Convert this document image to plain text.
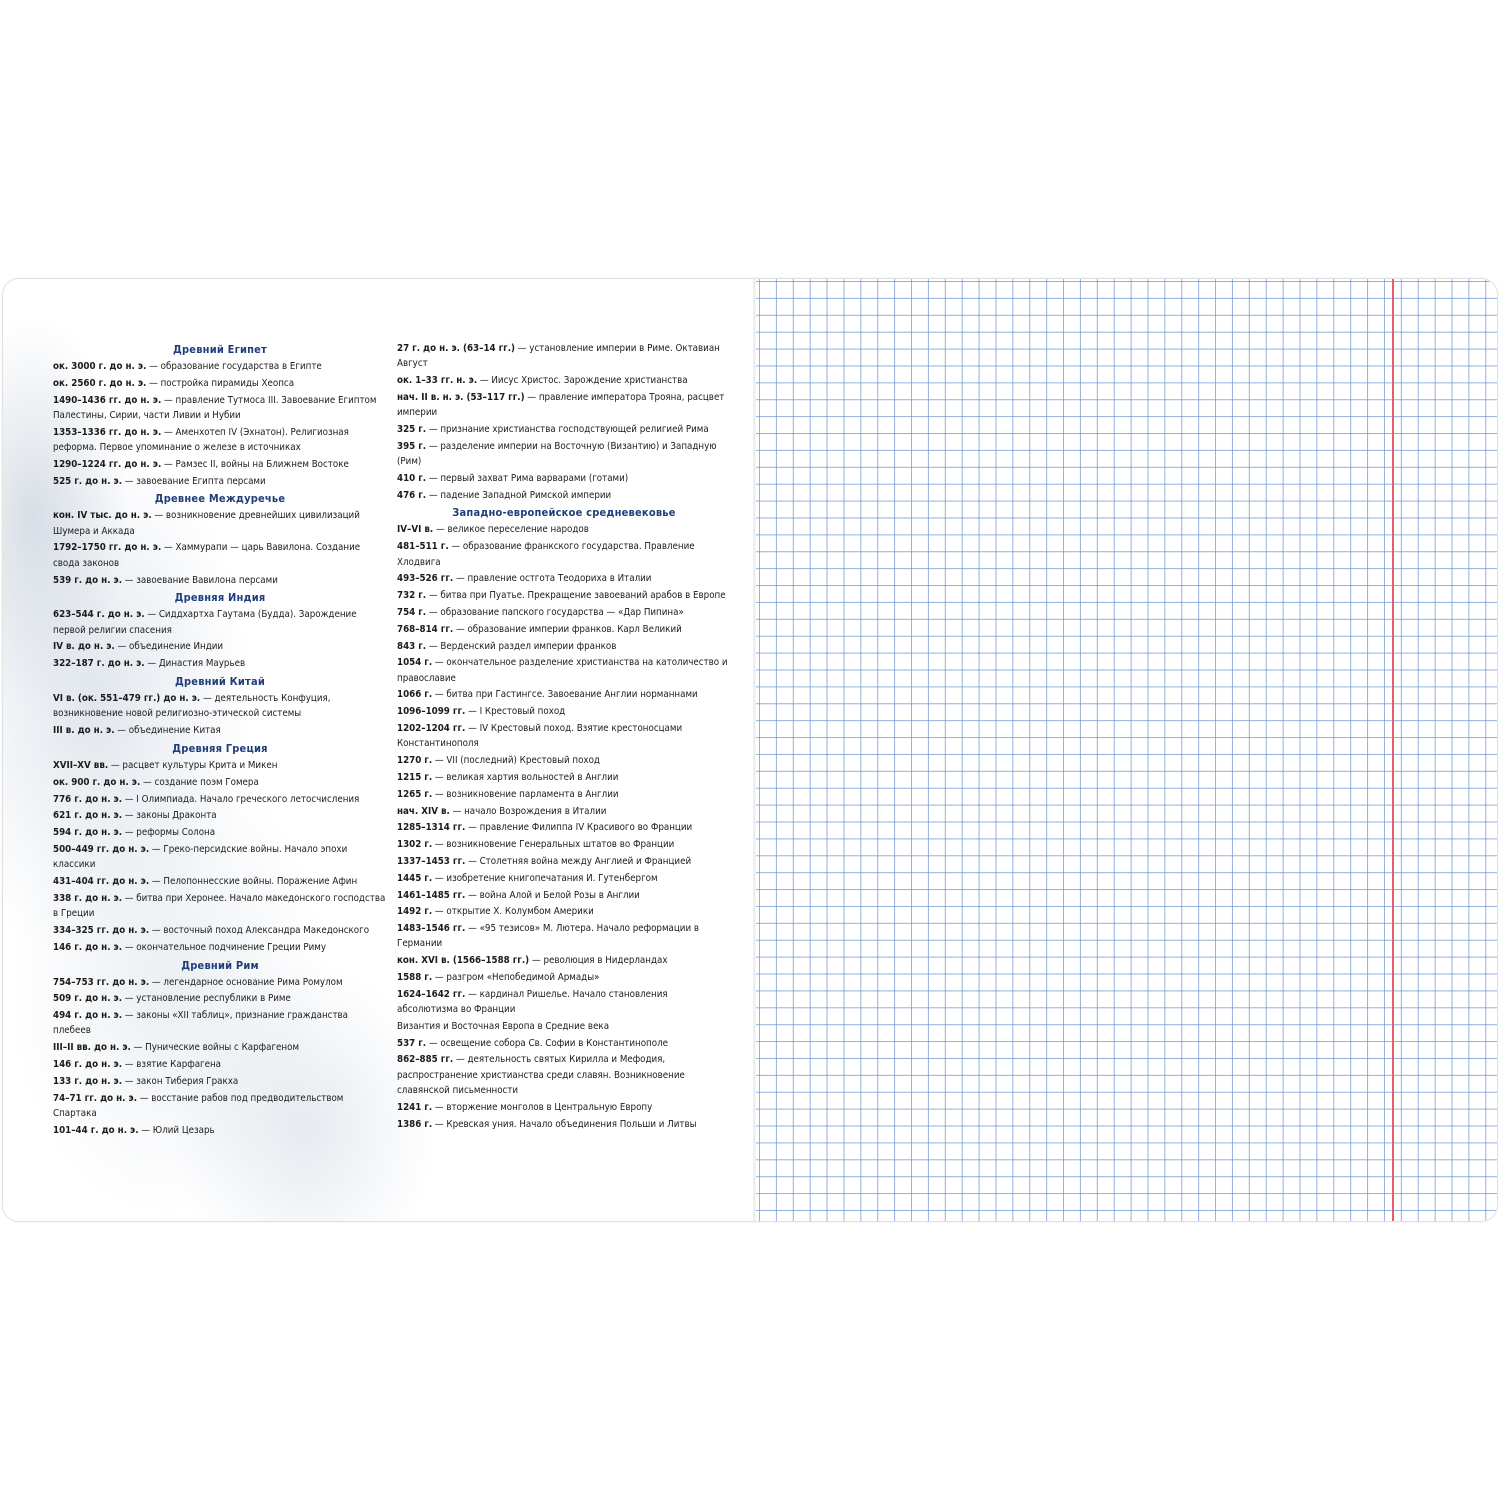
Древний Египет
ок. 3000 г. до н. э. — образование государства в Египте
ок. 2560 г. до н. э. — постройка пирамиды Хеопса
1490–1436 гг. до н. э. — правление Тутмоса III. Завоевание Египтом Палестины, Сирии, части Ливии и Нубии
1353–1336 гг. до н. э. — Аменхотеп IV (Эхнатон). Религиозная реформа. Первое упоминание о железе в источниках
1290–1224 гг. до н. э. — Рамзес II, войны на Ближнем Востоке
525 г. до н. э. — завоевание Египта персами
Древнее Междуречье
кон. IV тыс. до н. э. — возникновение древнейших цивилизаций Шумера и Аккада
1792–1750 гг. до н. э. — Хаммурапи — царь Вавилона. Создание свода законов
539 г. до н. э. — завоевание Вавилона персами
Древняя Индия
623–544 г. до н. э. — Сиддхартха Гаутама (Будда). Зарождение первой религии спасения
IV в. до н. э. — объединение Индии
322–187 г. до н. э. — Династия Маурьев
Древний Китай
VI в. (ок. 551–479 гг.) до н. э. — деятельность Конфуция, возникновение новой религиозно-этической системы
III в. до н. э. — объединение Китая
Древняя Греция
XVII–XV вв. — расцвет культуры Крита и Микен
ок. 900 г. до н. э. — создание поэм Гомера
776 г. до н. э. — I Олимпиада. Начало греческого летосчисления
621 г. до н. э. — законы Драконта
594 г. до н. э. — реформы Солона
500–449 гг. до н. э. — Греко-персидские войны. Начало эпохи классики
431–404 гг. до н. э. — Пелопоннесские войны. Поражение Афин
338 г. до н. э. — битва при Херонее. Начало македонского господства в Греции
334–325 гг. до н. э. — восточный поход Александра Македонского
146 г. до н. э. — окончательное подчинение Греции Риму
Древний Рим
754–753 гг. до н. э. — легендарное основание Рима Ромулом
509 г. до н. э. — установление республики в Риме
494 г. до н. э. — законы «XII таблиц», признание гражданства плебеев
III–II вв. до н. э. — Пунические войны с Карфагеном
146 г. до н. э. — взятие Карфагена
133 г. до н. э. — закон Тиберия Гракха
74–71 гг. до н. э. — восстание рабов под предводительством Спартака
101–44 г. до н. э. — Юлий Цезарь
27 г. до н. э. (63–14 гг.) — установление империи в Риме. Октавиан Август
ок. 1–33 гг. н. э. — Иисус Христос. Зарождение христианства
нач. II в. н. э. (53–117 гг.) — правление императора Трояна, расцвет империи
325 г. — признание христианства господствующей религией Рима
395 г. — разделение империи на Восточную (Византию) и Западную (Рим)
410 г. — первый захват Рима варварами (готами)
476 г. — падение Западной Римской империи
Западно-европейское средневековье
IV–VI в. — великое переселение народов
481–511 г. — образование франкского государства. Правление Хлодвига
493–526 гг. — правление остгота Теодориха в Италии
732 г. — битва при Пуатье. Прекращение завоеваний арабов в Европе
754 г. — образование папского государства — «Дар Пипина»
768–814 гг. — образование империи франков. Карл Великий
843 г. — Верденский раздел империи франков
1054 г. — окончательное разделение христианства на католичество и православие
1066 г. — битва при Гастингсе. Завоевание Англии норманнами
1096–1099 гг. — I Крестовый поход
1202–1204 гг. — IV Крестовый поход. Взятие крестоносцами Константинополя
1270 г. — VII (последний) Крестовый поход
1215 г. — великая хартия вольностей в Англии
1265 г. — возникновение парламента в Англии
нач. XIV в. — начало Возрождения в Италии
1285–1314 гг. — правление Филиппа IV Красивого во Франции
1302 г. — возникновение Генеральных штатов во Франции
1337–1453 гг. — Столетняя война между Англией и Францией
1445 г. — изобретение книгопечатания И. Гутенбергом
1461–1485 гг. — война Алой и Белой Розы в Англии
1492 г. — открытие Х. Колумбом Америки
1483–1546 гг. — «95 тезисов» М. Лютера. Начало реформации в Германии
кон. XVI в. (1566–1588 гг.) — революция в Нидерландах
1588 г. — разгром «Непобедимой Армады»
1624–1642 гг. — кардинал Ришелье. Начало становления абсолютизма во Франции
Византия и Восточная Европа в Средние века
537 г. — освещение собора Св. Софии в Константинополе
862–885 гг. — деятельность святых Кирилла и Мефодия, распространение христианства среди славян. Возникновение славянской письменности
1241 г. — вторжение монголов в Центральную Европу
1386 г. — Кревская уния. Начало объединения Польши и Литвы
